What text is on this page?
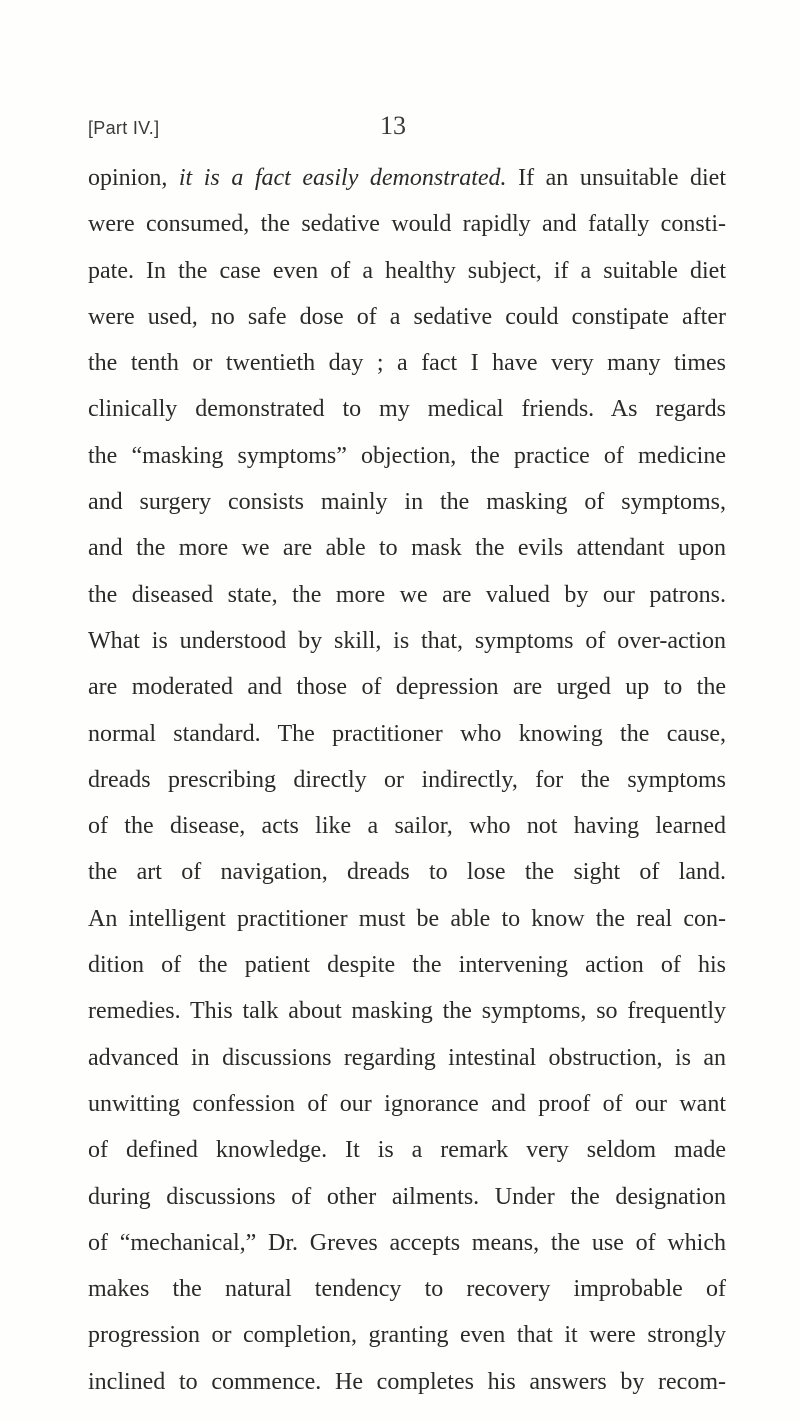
[Part IV.]	13
opinion, it is a fact easily demonstrated. If an unsuitable diet
were consumed, the sedative would rapidly and fatally consti-
pate. In the case even of a healthy subject, if a suitable diet
were used, no safe dose of a sedative could constipate after
the tenth or twentieth day ; a fact I have very many times
clinically demonstrated to my medical friends. As regards
the “masking symptoms” objection, the practice of medicine
and surgery consists mainly in the masking of symptoms,
and the more we are able to mask the evils attendant upon
the diseased state, the more we are valued by our patrons.
What is understood by skill, is that, symptoms of over-action
are moderated and those of depression are urged up to the
normal standard. The practitioner who knowing the cause,
dreads prescribing directly or indirectly, for the symptoms
of the disease, acts like a sailor, who not having learned
the art of navigation, dreads to lose the sight of land.
An intelligent practitioner must be able to know the real con-
dition of the patient despite the intervening action of his
remedies. This talk about masking the symptoms, so frequently
advanced in discussions regarding intestinal obstruction, is an
unwitting confession of our ignorance and proof of our want
of defined knowledge. It is a remark very seldom made
during discussions of other ailments. Under the designation
of “mechanical,” Dr. Greves accepts means, the use of which
makes the natural tendency to recovery improbable of
progression or completion, granting even that it were strongly
inclined to commence. He completes his answers by recom-
